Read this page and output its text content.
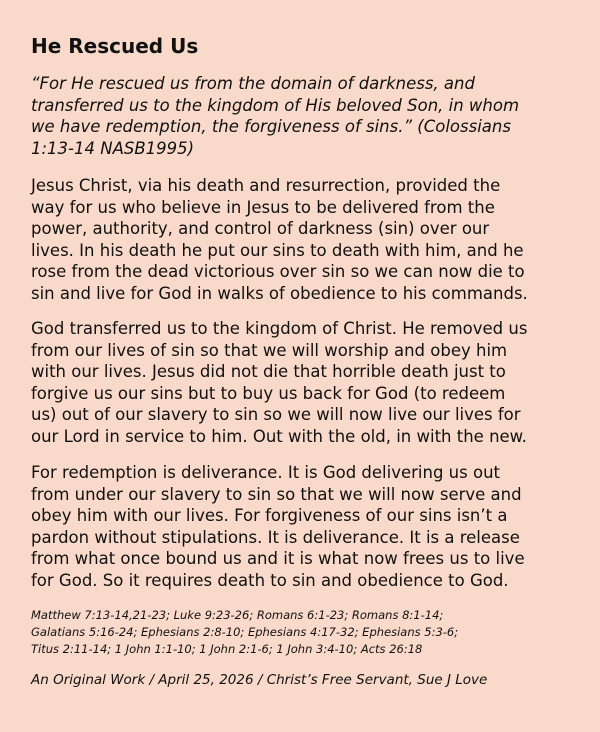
He Rescued Us

“For He rescued us from the domain of darkness, and
transferred us to the kingdom of His beloved Son, in whom
we have redemption, the forgiveness of sins.” (Colossians
1:13-14 NASB1995)

Jesus Christ, via his death and resurrection, provided the
way for us who believe in Jesus to be delivered from the
power, authority, and control of darkness (sin) over our
lives. In his death he put our sins to death with him, and he
rose from the dead victorious over sin so we can now die to
sin and live for God in walks of obedience to his commands.

God transferred us to the kingdom of Christ. He removed us
from our lives of sin so that we will worship and obey him
with our lives. Jesus did not die that horrible death just to
forgive us our sins but to buy us back for God (to redeem
us) out of our slavery to sin so we will now live our lives for
our Lord in service to him. Out with the old, in with the new.

For redemption is deliverance. It is God delivering us out
from under our slavery to sin so that we will now serve and
obey him with our lives. For forgiveness of our sins isn’t a
pardon without stipulations. It is deliverance. It is a release
from what once bound us and it is what now frees us to live
for God. So it requires death to sin and obedience to God.

Matthew 7:13-14,21-23; Luke 9:23-26; Romans 6:1-23; Romans 8:1-14;
Galatians 5:16-24; Ephesians 2:8-10; Ephesians 4:17-32; Ephesians 5:3-6;
Titus 2:11-14; 1 John 1:1-10; 1 John 2:1-6; 1 John 3:4-10; Acts 26:18

An Original Work / April 25, 2026 / Christ’s Free Servant, Sue J Love
